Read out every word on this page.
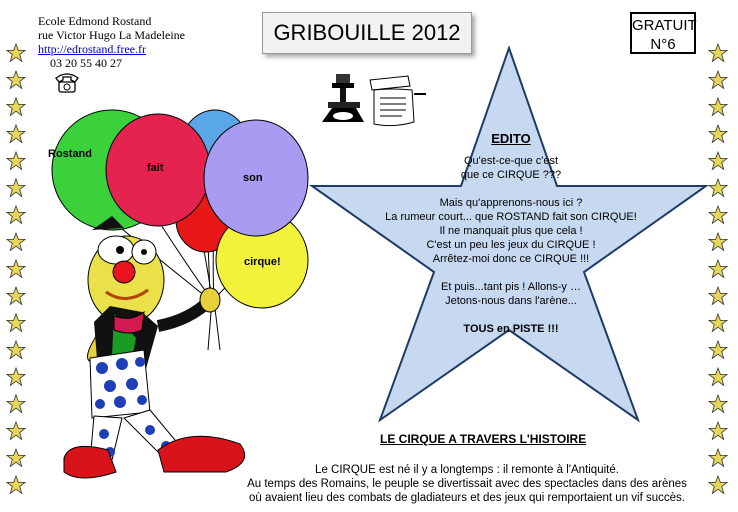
Ecole Edmond Rostand
rue Victor Hugo La Madeleine
http://edrostand.free.fr
03 20 55 40 27
GRIBOUILLE 2012	GRATUIT
N°6
EDITO
Qu'est-ce-que c'est
que ce CIRQUE ???
Mais qu'apprenons-nous ici ?
La rumeur court... que ROSTAND fait son CIRQUE!
Il ne manquait plus que cela !
C'est un peu les jeux du CIRQUE !
Arrêtez-moi donc ce CIRQUE !!!
Et puis...tant pis ! Allons-y …
Jetons-nous dans l'arène...
TOUS en PISTE !!!
Rostand
fait
son
cirque!
LE CIRQUE A TRAVERS L'HISTOIRE
Le CIRQUE est né il y a longtemps : il remonte à l'Antiquité.
Au temps des Romains, le peuple se divertissait avec des spectacles dans des arènes
où avaient lieu des combats de gladiateurs et des jeux qui remportaient un vif succès.
